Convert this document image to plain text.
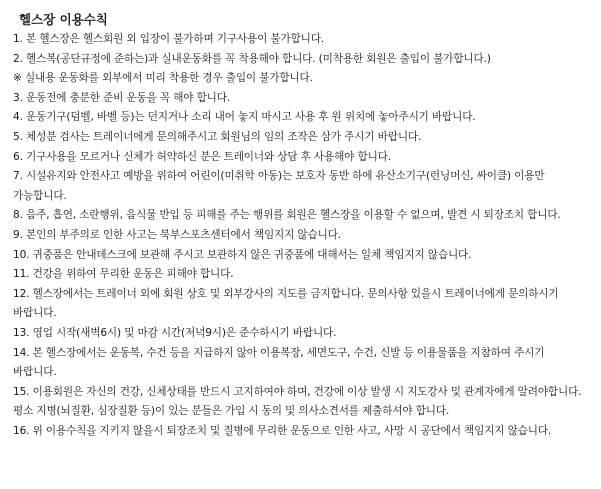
헬스장 이용수칙
1. 본 헬스장은 헬스회원 외 입장이 불가하며 기구사용이 불가합니다.
2. 헬스복(공단규정에 준하는)과 실내운동화를 꼭 착용해야 합니다. (미착용한 회원은 출입이 불가합니다.)
※ 실내용 운동화를 외부에서 미리 착용한 경우 출입이 불가합니다.
3. 운동전에 충분한 준비 운동을 꼭 해야 합니다.
4. 운동기구(덤벨, 바벨 등)는 던지거나 소리 내어 놓지 마시고 사용 후 원 위치에 놓아주시기 바랍니다.
5. 체성분 검사는 트레이너에게 문의해주시고 회원님의 임의 조작은 삼가 주시기 바랍니다.
6. 기구사용을 모르거나 신체가 허약하신 분은 트레이너와 상담 후 사용해야 합니다.
7. 시설유지와 안전사고 예방을 위하여 어린이(미취학 아동)는 보호자 동반 하에 유산소기구(런닝머신, 싸이클) 이용만 가능합니다.
8. 음주, 흡연, 소란행위, 음식물 반입 등 피해를 주는 행위를 회원은 헬스장을 이용할 수 없으며, 발견 시 퇴장조치 합니다.
9. 본인의 부주의로 인한 사고는 북부스포츠센터에서 책임지지 않습니다.
10. 귀중품은 안내데스크에 보관해 주시고 보관하지 않은 귀중품에 대해서는 일체 책임지지 않습니다.
11. 건강을 위하여 무리한 운동은 피해야 합니다.
12. 헬스장에서는 트레이너 외에 회원 상호 및 외부강사의 지도를 금지합니다. 문의사항 있을시 트레이너에게 문의하시기 바랍니다.
13. 영업 시작(새벽6시) 및 마감 시간(저녁9시)은 준수하시기 바랍니다.
14. 본 헬스장에서는 운동복, 수건 등을 지급하지 않아 이용복장, 세면도구, 수건, 신발 등 이용물품을 지참하여 주시기 바랍니다.
15. 이용회원은 자신의 건강, 신체상태를 반드시 고지하여야 하며, 건강에 이상 발생 시 지도강사 및 관계자에게 알려야합니다.
평소 지병(뇌질환, 심장질환 등)이 있는 분들은 가입 시 동의 및 의사소견서를 제출하셔야 합니다.
16. 위 이용수칙을 지키지 않을시 퇴장조치 및 질병에 무리한 운동으로 인한 사고, 사망 시 공단에서 책임지지 않습니다.
